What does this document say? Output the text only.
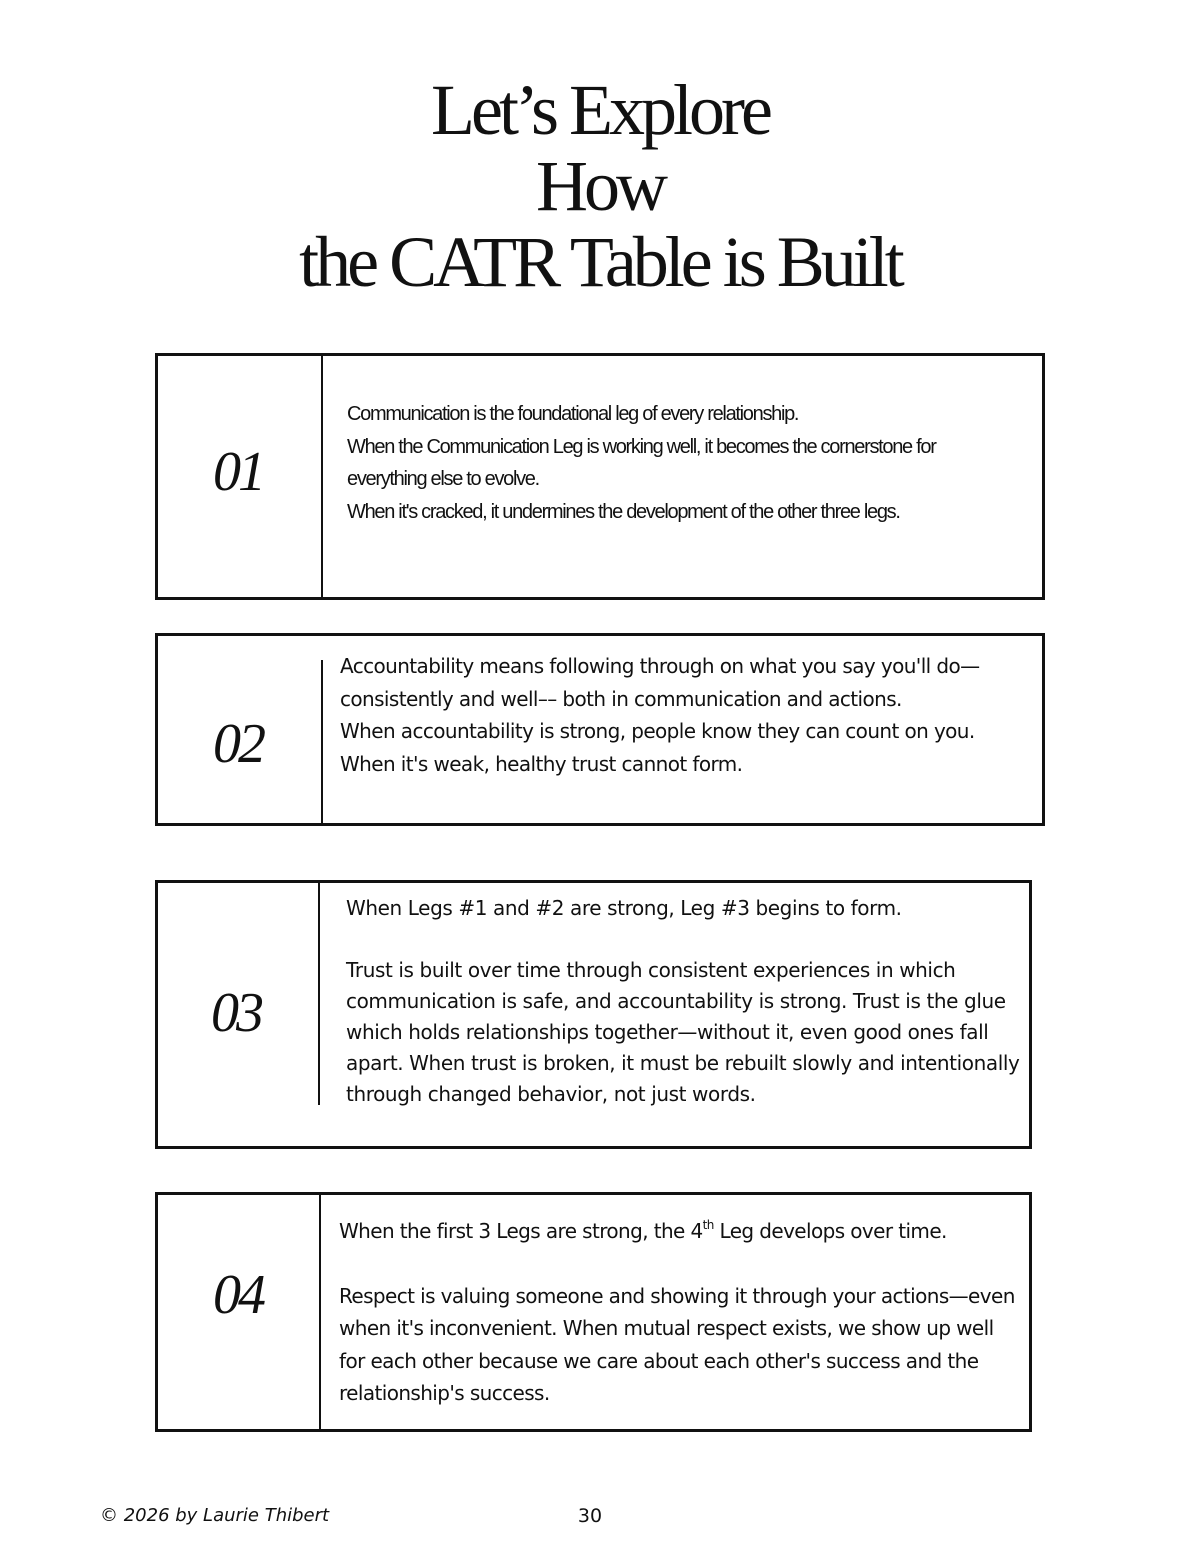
Let’s Explore
How
the CATR Table is Built
01

Communication is the foundational leg of every relationship.

When the Communication Leg is working well, it becomes the cornerstone for everything else to evolve.

When it's cracked, it undermines the development of the other three legs.

02

Accountability means following through on what you say you'll do—consistently and well–– both in communication and actions.

When accountability is strong, people know they can count on you. When it's weak, healthy trust cannot form.

03

When Legs #1 and #2 are strong, Leg #3 begins to form.

Trust is built over time through consistent experiences in which communication is safe, and accountability is strong. Trust is the glue which holds relationships together—without it, even good ones fall apart. When trust is broken, it must be rebuilt slowly and intentionally through changed behavior, not just words.

04

When the first 3 Legs are strong, the 4th Leg develops over time.

Respect is valuing someone and showing it through your actions—even when it's inconvenient. When mutual respect exists, we show up well for each other because we care about each other's success and the relationship's success.

© 2026 by Laurie Thibert	30
